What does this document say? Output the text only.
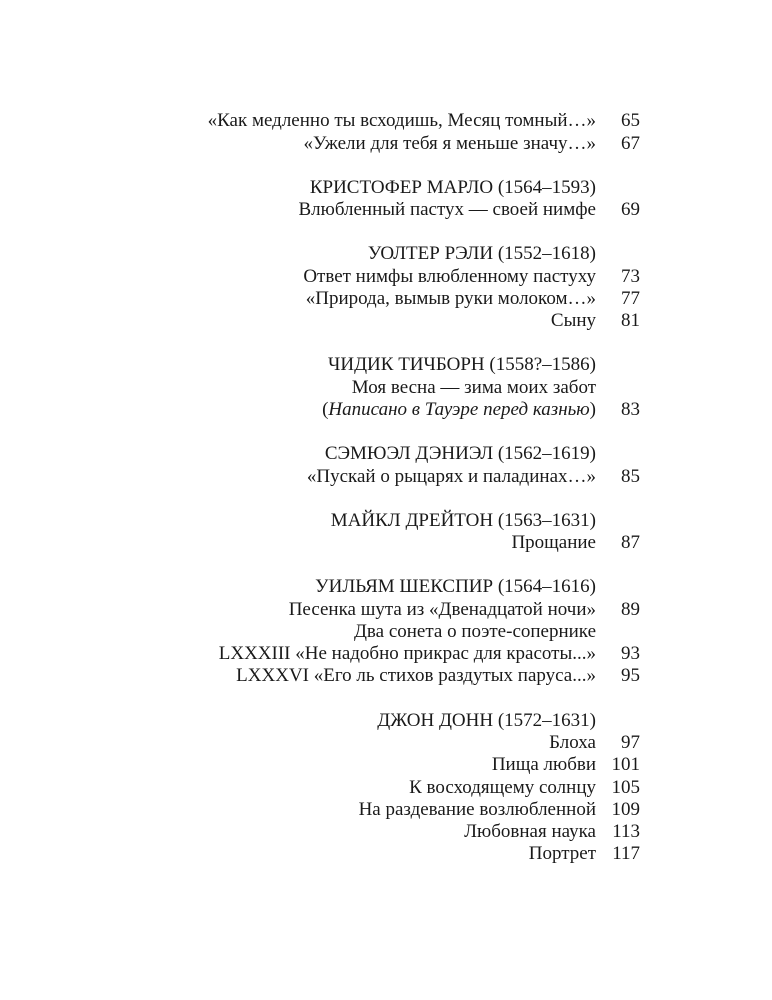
«Как медленно ты всходишь, Месяц томный…» 65
«Ужели для тебя я меньше значу…» 67
КРИСТОФЕР МАРЛО (1564–1593)
Влюбленный пастух — своей нимфе 69
УОЛТЕР РЭЛИ (1552–1618)
Ответ нимфы влюбленному пастуху 73
«Природа, вымыв руки молоком…» 77
Сыну 81
ЧИДИК ТИЧБОРН (1558?–1586)
Моя весна — зима моих забот
(Написано в Тауэре перед казнью) 83
СЭМЮЭЛ ДЭНИЭЛ (1562–1619)
«Пускай о рыцарях и паладинах…» 85
МАЙКЛ ДРЕЙТОН (1563–1631)
Прощание 87
УИЛЬЯМ ШЕКСПИР (1564–1616)
Песенка шута из «Двенадцатой ночи» 89
Два сонета о поэте-сопернике
LXXXIII «Не надобно прикрас для красоты...» 93
LXXXVI «Его ль стихов раздутых паруса...» 95
ДЖОН ДОНН (1572–1631)
Блоха 97
Пища любви 101
К восходящему солнцу 105
На раздевание возлюбленной 109
Любовная наука 113
Портрет 117
